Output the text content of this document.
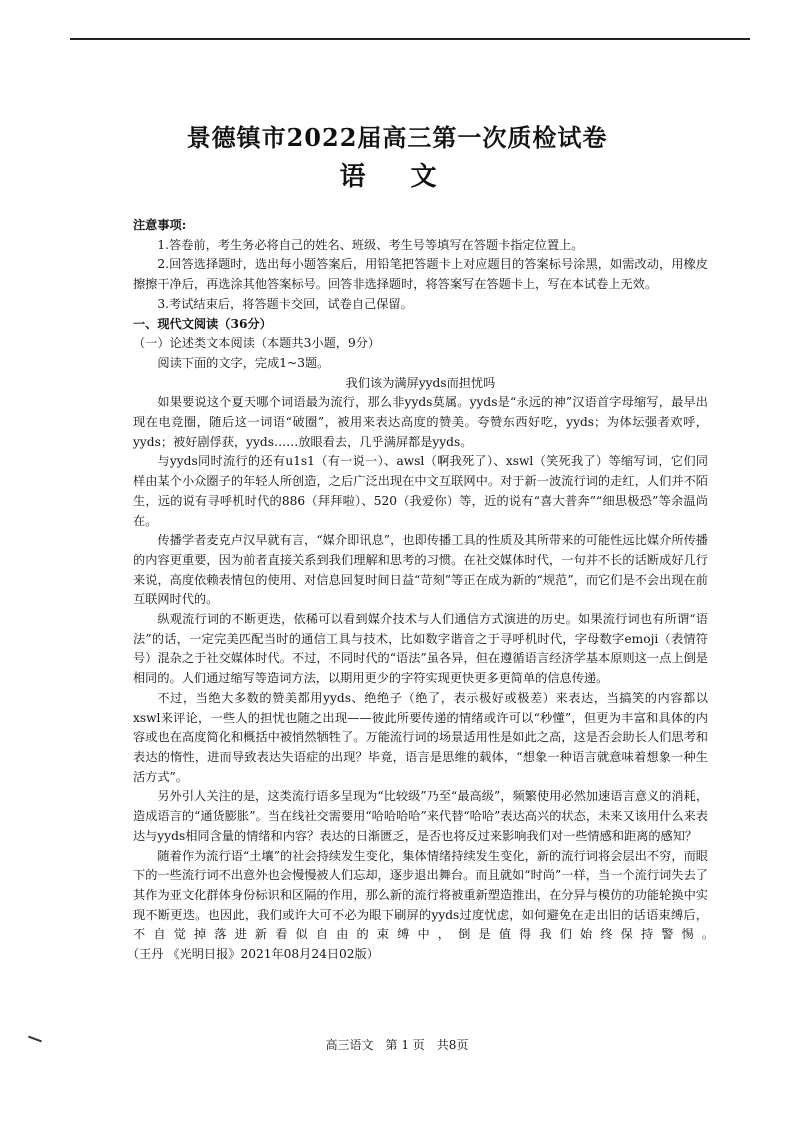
景德镇市2022届高三第一次质检试卷
语 文

注意事项:

1.答卷前，考生务必将自己的姓名、班级、考生号等填写在答题卡指定位置上。

2.回答选择题时，选出每小题答案后，用铅笔把答题卡上对应题目的答案标号涂黑，如需改动，用橡皮擦擦干净后，再选涂其他答案标号。回答非选择题时，将答案写在答题卡上，写在本试卷上无效。

3.考试结束后，将答题卡交回，试卷自己保留。

一、现代文阅读（36分）

（一）论述类文本阅读（本题共3小题，9分）

阅读下面的文字，完成1~3题。

我们该为满屏yyds而担忧吗

如果要说这个夏天哪个词语最为流行，那么非yyds莫属。yyds是“永远的神”汉语首字母缩写，最早出现在电竞圈，随后这一词语“破圈”，被用来表达高度的赞美。夸赞东西好吃，yyds；为体坛强者欢呼，yyds；被好剧俘获，yyds……放眼看去，几乎满屏都是yyds。

与yyds同时流行的还有u1s1（有一说一）、awsl（啊我死了）、xswl（笑死我了）等缩写词，它们同样由某个小众圈子的年轻人所创造，之后广泛出现在中文互联网中。对于新一波流行词的走红，人们并不陌生，远的说有寻呼机时代的886（拜拜啦）、520（我爱你）等，近的说有“喜大普奔”“细思极恐”等余温尚在。

传播学者麦克卢汉早就有言，“媒介即讯息”，也即传播工具的性质及其所带来的可能性远比媒介所传播的内容更重要，因为前者直接关系到我们理解和思考的习惯。在社交媒体时代，一句并不长的话断成好几行来说，高度依赖表情包的使用、对信息回复时间日益“苛刻”等正在成为新的“规范”，而它们是不会出现在前互联网时代的。

纵观流行词的不断更迭，依稀可以看到媒介技术与人们通信方式演进的历史。如果流行词也有所谓“语法”的话，一定完美匹配当时的通信工具与技术，比如数字谐音之于寻呼机时代，字母数字emoji（表情符号）混杂之于社交媒体时代。不过，不同时代的“语法”虽各异，但在遵循语言经济学基本原则这一点上倒是相同的。人们通过缩写等造词方法，以期用更少的字符实现更快更多更简单的信息传递。

不过，当绝大多数的赞美都用yyds、绝绝子（绝了，表示极好或极差）来表达，当搞笑的内容都以xswl来评论，一些人的担忧也随之出现——彼此所要传递的情绪或许可以“秒懂”，但更为丰富和具体的内容或也在高度简化和概括中被悄然牺牲了。万能流行词的场景适用性是如此之高，这是否会助长人们思考和表达的惰性，进而导致表达失语症的出现？毕竟，语言是思维的载体，“想象一种语言就意味着想象一种生活方式”。

另外引人关注的是，这类流行语多呈现为“比较级”乃至“最高级”，频繁使用必然加速语言意义的消耗，造成语言的“通货膨胀”。当在线社交需要用“哈哈哈哈”来代替“哈哈”表达高兴的状态，未来又该用什么来表达与yyds相同含量的情绪和内容？表达的日渐匮乏，是否也将反过来影响我们对一些情感和距离的感知？

随着作为流行语“土壤”的社会持续发生变化，集体情绪持续发生变化，新的流行词将会层出不穷，而眼下的一些流行词不出意外也会慢慢被人们忘却，逐步退出舞台。而且就如“时尚”一样，当一个流行词失去了其作为亚文化群体身份标识和区隔的作用，那么新的流行将被重新塑造推出，在分异与模仿的功能轮换中实现不断更迭。也因此，我们或许大可不必为眼下刷屏的yyds过度忧虑，如何避免在走出旧的话语束缚后，不自觉掉落进新看似自由的束缚中，倒是值得我们始终保持警惕。　（王丹 《光明日报》2021年08月24日02版）

高三语文　第 1 页　共8页
